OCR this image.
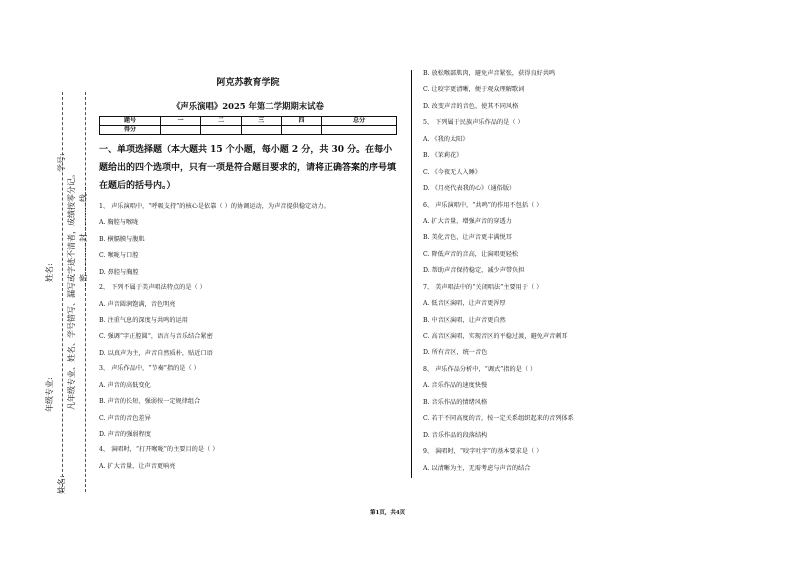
学号:
姓名:
年级专业:
姓名:
凡年级专业、姓名、学号错写、漏写或字迹不清者，成绩按零分记。 …密…………封…………线…
阿克苏教育学院
《声乐演唱》2025 年第二学期期末试卷
题号	一	二	三	四	总分
得分					
一、单项选择题（本大题共 15 个小题，每小题 2 分，共 30 分。在每小题给出的四个选项中，只有一项是符合题目要求的，请将正确答案的序号填在题后的括号内。）
1、 声乐演唱中，“呼吸支持”的核心是依靠（ ）的协调运动，为声音提供稳定动力。
A. 胸腔与喉咙
B. 横膈膜与腹肌
C. 喉咙与口腔
D. 鼻腔与胸腔
2、 下列不属于美声唱法特点的是（ ）
A. 声音圆润饱满，音色明亮
B. 注重气息的深度与共鸣的运用
C. 强调“字正腔圆”，语言与音乐结合紧密
D. 以真声为主，声音自然质朴，贴近口语
3、 声乐作品中，“节奏”指的是（ ）
A. 声音的高低变化
B. 声音的长短、强弱按一定规律组合
C. 声音的音色差异
D. 声音的强弱程度
4、 演唱时，“打开喉咙”的主要目的是（ ）
A. 扩大音量，让声音更响亮
B. 放松喉部肌肉，避免声音紧张，获得良好共鸣
C. 让咬字更清晰，便于观众理解歌词
D. 改变声音的音色，使其不同风格
5、 下列属于民族声乐作品的是（ ）
A. 《我的太阳》
B. 《茉莉花》
C. 《今夜无人入睡》
D. 《月亮代表我的心》（通俗版）
6、 声乐演唱中，“共鸣”的作用不包括（ ）
A. 扩大音量，增强声音的穿透力
B. 美化音色，让声音更丰满悦耳
C. 降低声音的音高，让演唱更轻松
D. 帮助声音保持稳定，减少声带负担
7、 美声唱法中的“关闭唱法”主要用于（ ）
A. 低音区演唱，让声音更浑厚
B. 中音区演唱，让声音更自然
C. 高音区演唱，实现音区的平稳过渡，避免声音刺耳
D. 所有音区，统一音色
8、 声乐作品分析中，“调式”指的是（ ）
A. 音乐作品的速度快慢
B. 音乐作品的情绪风格
C. 若干不同高度的音，按一定关系组织起来的音列体系
D. 音乐作品的段落结构
9、 演唱时，“咬字吐字”的基本要求是（ ）
A. 以清晰为主，无需考虑与声音的结合
第1页，共4页
